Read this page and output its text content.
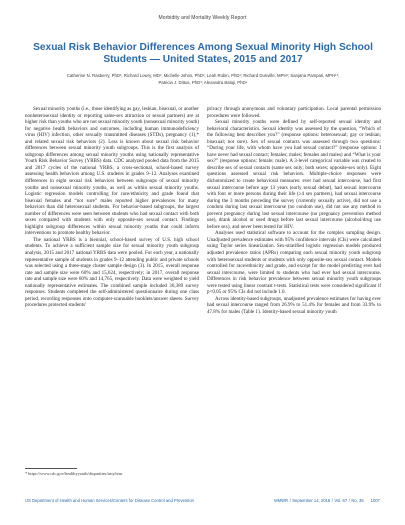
Morbidity and Mortality Weekly Report
Sexual Risk Behavior Differences Among Sexual Minority High School Students — United States, 2015 and 2017
Catherine N. Rasberry, PhD¹; Richard Lowry, MD¹; Michelle Johns, PhD¹; Leah Robin, PhD¹; Richard Dunville, MPH¹; Sanjana Pampati, MPH¹⁲;
Patricia J. Dittus, PhD³; Alexandra Balaji, PhD⁴

Sexual minority youths (i.e., those identifying as gay, lesbian, bisexual, or another nonheterosexual identity or reporting same-sex attraction or sexual partners) are at higher risk than youths who are not sexual minority youth (nonsexual minority youth) for negative health behaviors and outcomes, including human immunodeficiency virus (HIV) infection, other sexually transmitted diseases (STDs), pregnancy (1),* and related sexual risk behaviors (2). Less is known about sexual risk behavior differences between sexual minority youth subgroups. This is the first analysis of subgroup differences among sexual minority youths using nationally representative Youth Risk Behavior Survey (YRBS) data. CDC analyzed pooled data from the 2015 and 2017 cycles of the national YRBS, a cross-sectional, school-based survey assessing health behaviors among U.S. students in grades 9–12. Analyses examined differences in eight sexual risk behaviors between subgroups of sexual minority youths and nonsexual minority youths, as well as within sexual minority youths. Logistic regression models controlling for race/ethnicity and grade found that bisexual females and “not sure” males reported higher prevalences for many behaviors than did heterosexual students. For behavior-based subgroups, the largest number of differences were seen between students who had sexual contact with both sexes compared with students with only opposite-sex sexual contact. Findings highlight subgroup differences within sexual minority youths that could inform interventions to promote healthy behavior.

The national YRBS is a biennial, school-based survey of U.S. high school students. To achieve a sufficient sample size for sexual minority youth subgroup analysis, 2015 and 2017 national YRBS data were pooled. For each year, a nationally representative sample of students in grades 9–12 attending public and private schools was selected using a three-stage cluster sample design (3). In 2015, overall response rate and sample size were 60% and 15,624, respectively; in 2017, overall response rate and sample size were 60% and 14,765, respectively. Data were weighted to yield nationally representative estimates. The combined sample included 30,389 survey responses. Students completed the self-administered questionnaire during one class period, recording responses onto computer-scannable booklets/answer sheets. Survey procedures protected students’

privacy through anonymous and voluntary participation. Local parental permission procedures were followed.

Sexual minority youths were defined by self-reported sexual identity and behavioral characteristics. Sexual identity was assessed by the question, “Which of the following best describes you?” (response options: heterosexual; gay or lesbian; bisexual; not sure). Sex of sexual contacts was assessed through two questions: “During your life, with whom have you had sexual contact?” (response options: I have never had sexual contact; females; males; females and males) and “What is your sex?” (response options: female; male). A 3-level categorical variable was created to describe sex of sexual contacts (same sex only; both sexes; opposite-sex only). Eight questions assessed sexual risk behaviors. Multiple-choice responses were dichotomized to create behavioral measures: ever had sexual intercourse, had first sexual intercourse before age 13 years (early sexual debut), had sexual intercourse with four or more persons during their life (≥4 sex partners), had sexual intercourse during the 3 months preceding the survey (currently sexually active), did not use a condom during last sexual intercourse (no condom use), did not use any method to prevent pregnancy during last sexual intercourse (no pregnancy prevention method use), drank alcohol or used drugs before last sexual intercourse (alcohol/drug use before sex), and never been tested for HIV.

Analyses used statistical software to account for the complex sampling design. Unadjusted prevalence estimates with 95% confidence intervals (CIs) were calculated using Taylor series linearization. Sex-stratified logistic regression models produced adjusted prevalence ratios (APRs) comparing each sexual minority youth subgroup with heterosexual students or students with only opposite-sex sexual contact. Models controlled for race/ethnicity and grade, and except for the model predicting ever had sexual intercourse, were limited to students who had ever had sexual intercourse. Differences in risk behavior prevalence between sexual minority youth subgroups were tested using linear contrast t-tests. Statistical tests were considered significant if p<0.05 or 95% CIs did not include 1.0.

Across identity-based subgroups, unadjusted prevalence estimates for having ever had sexual intercourse ranged from 26.9% to 51.4% for females and from 33.9% to 47.8% for males (Table 1). Identity-based sexual minority youth

* https://www.cdc.gov/healthyyouth/disparities/smy.htm.
US Department of Health and Human Services/Centers for Disease Control and Prevention	MMWR / September 14, 2018 / Vol. 67 / No. 36 1007
